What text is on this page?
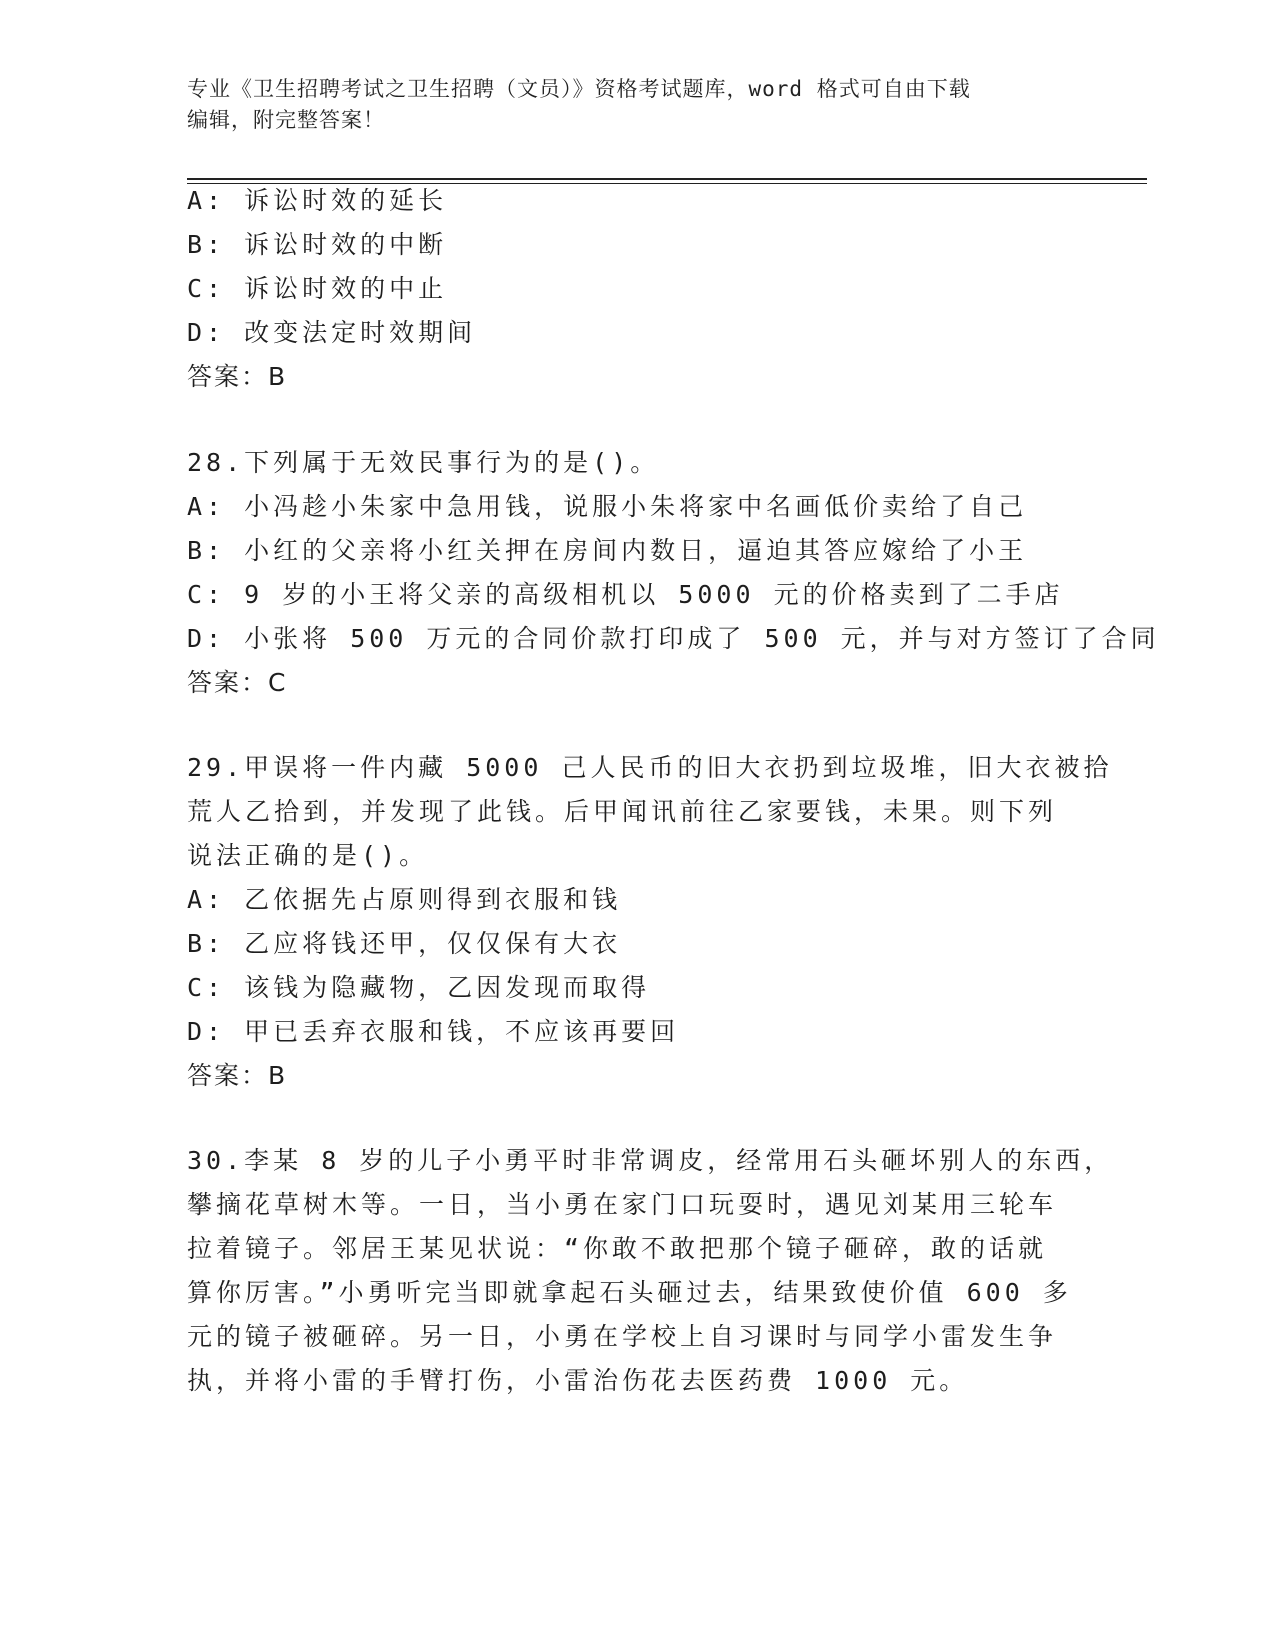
专业《卫生招聘考试之卫生招聘（文员）》资格考试题库，word 格式可自由下载
编辑，附完整答案！
A: 诉讼时效的延长
B: 诉讼时效的中断
C: 诉讼时效的中止
D: 改变法定时效期间
答案：B
28.下列属于无效民事行为的是()。
A: 小冯趁小朱家中急用钱，说服小朱将家中名画低价卖给了自己
B: 小红的父亲将小红关押在房间内数日，逼迫其答应嫁给了小王
C: 9 岁的小王将父亲的高级相机以 5000 元的价格卖到了二手店
D: 小张将 500 万元的合同价款打印成了 500 元，并与对方签订了合同
答案：C
29.甲误将一件内藏 5000 己人民币的旧大衣扔到垃圾堆，旧大衣被拾
荒人乙拾到，并发现了此钱。后甲闻讯前往乙家要钱，未果。则下列
说法正确的是()。
A: 乙依据先占原则得到衣服和钱
B: 乙应将钱还甲，仅仅保有大衣
C: 该钱为隐藏物，乙因发现而取得
D: 甲已丢弃衣服和钱，不应该再要回
答案：B
30.李某 8 岁的儿子小勇平时非常调皮，经常用石头砸坏别人的东西，
攀摘花草树木等。一日，当小勇在家门口玩耍时，遇见刘某用三轮车
拉着镜子。邻居王某见状说：“你敢不敢把那个镜子砸碎，敢的话就
算你厉害。”小勇听完当即就拿起石头砸过去，结果致使价值 600 多
元的镜子被砸碎。另一日，小勇在学校上自习课时与同学小雷发生争
执，并将小雷的手臂打伤，小雷治伤花去医药费 1000 元。
